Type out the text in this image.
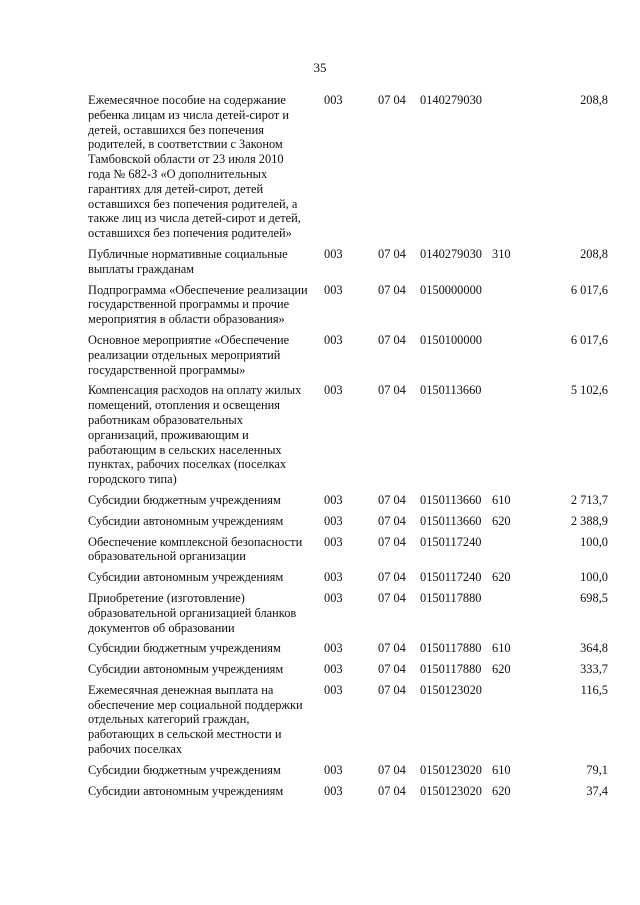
35
Ежемесячное пособие на содержание ребенка лицам из числа детей-сирот и детей, оставшихся без попечения родителей, в соответствии с Законом Тамбовской области от 23 июля 2010 года № 682-З «О дополнительных гарантиях для детей-сирот, детей оставшихся без попечения родителей, а также лиц из числа детей-сирот и детей, оставшихся без попечения родителей»	003	07 04	0140279030		208,8
Публичные нормативные социальные выплаты гражданам	003	07 04	0140279030	310	208,8
Подпрограмма «Обеспечение реализации государственной программы и прочие мероприятия в области образования»	003	07 04	0150000000		6 017,6
Основное мероприятие «Обеспечение реализации отдельных мероприятий государственной программы»	003	07 04	0150100000		6 017,6
Компенсация расходов на оплату жилых помещений, отопления и освещения работникам образовательных организаций, проживающим и работающим в сельских населенных пунктах, рабочих поселках (поселках городского типа)	003	07 04	0150113660		5 102,6
Субсидии бюджетным учреждениям	003	07 04	0150113660	610	2 713,7
Субсидии автономным учреждениям	003	07 04	0150113660	620	2 388,9
Обеспечение комплексной безопасности образовательной организации	003	07 04	0150117240		100,0
Субсидии автономным учреждениям	003	07 04	0150117240	620	100,0
Приобретение (изготовление) образовательной организацией бланков документов об образовании	003	07 04	0150117880		698,5
Субсидии бюджетным учреждениям	003	07 04	0150117880	610	364,8
Субсидии автономным учреждениям	003	07 04	0150117880	620	333,7
Ежемесячная денежная выплата на обеспечение мер социальной поддержки отдельных категорий граждан, работающих в сельской местности и рабочих поселках	003	07 04	0150123020		116,5
Субсидии бюджетным учреждениям	003	07 04	0150123020	610	79,1
Субсидии автономным учреждениям	003	07 04	0150123020	620	37,4
